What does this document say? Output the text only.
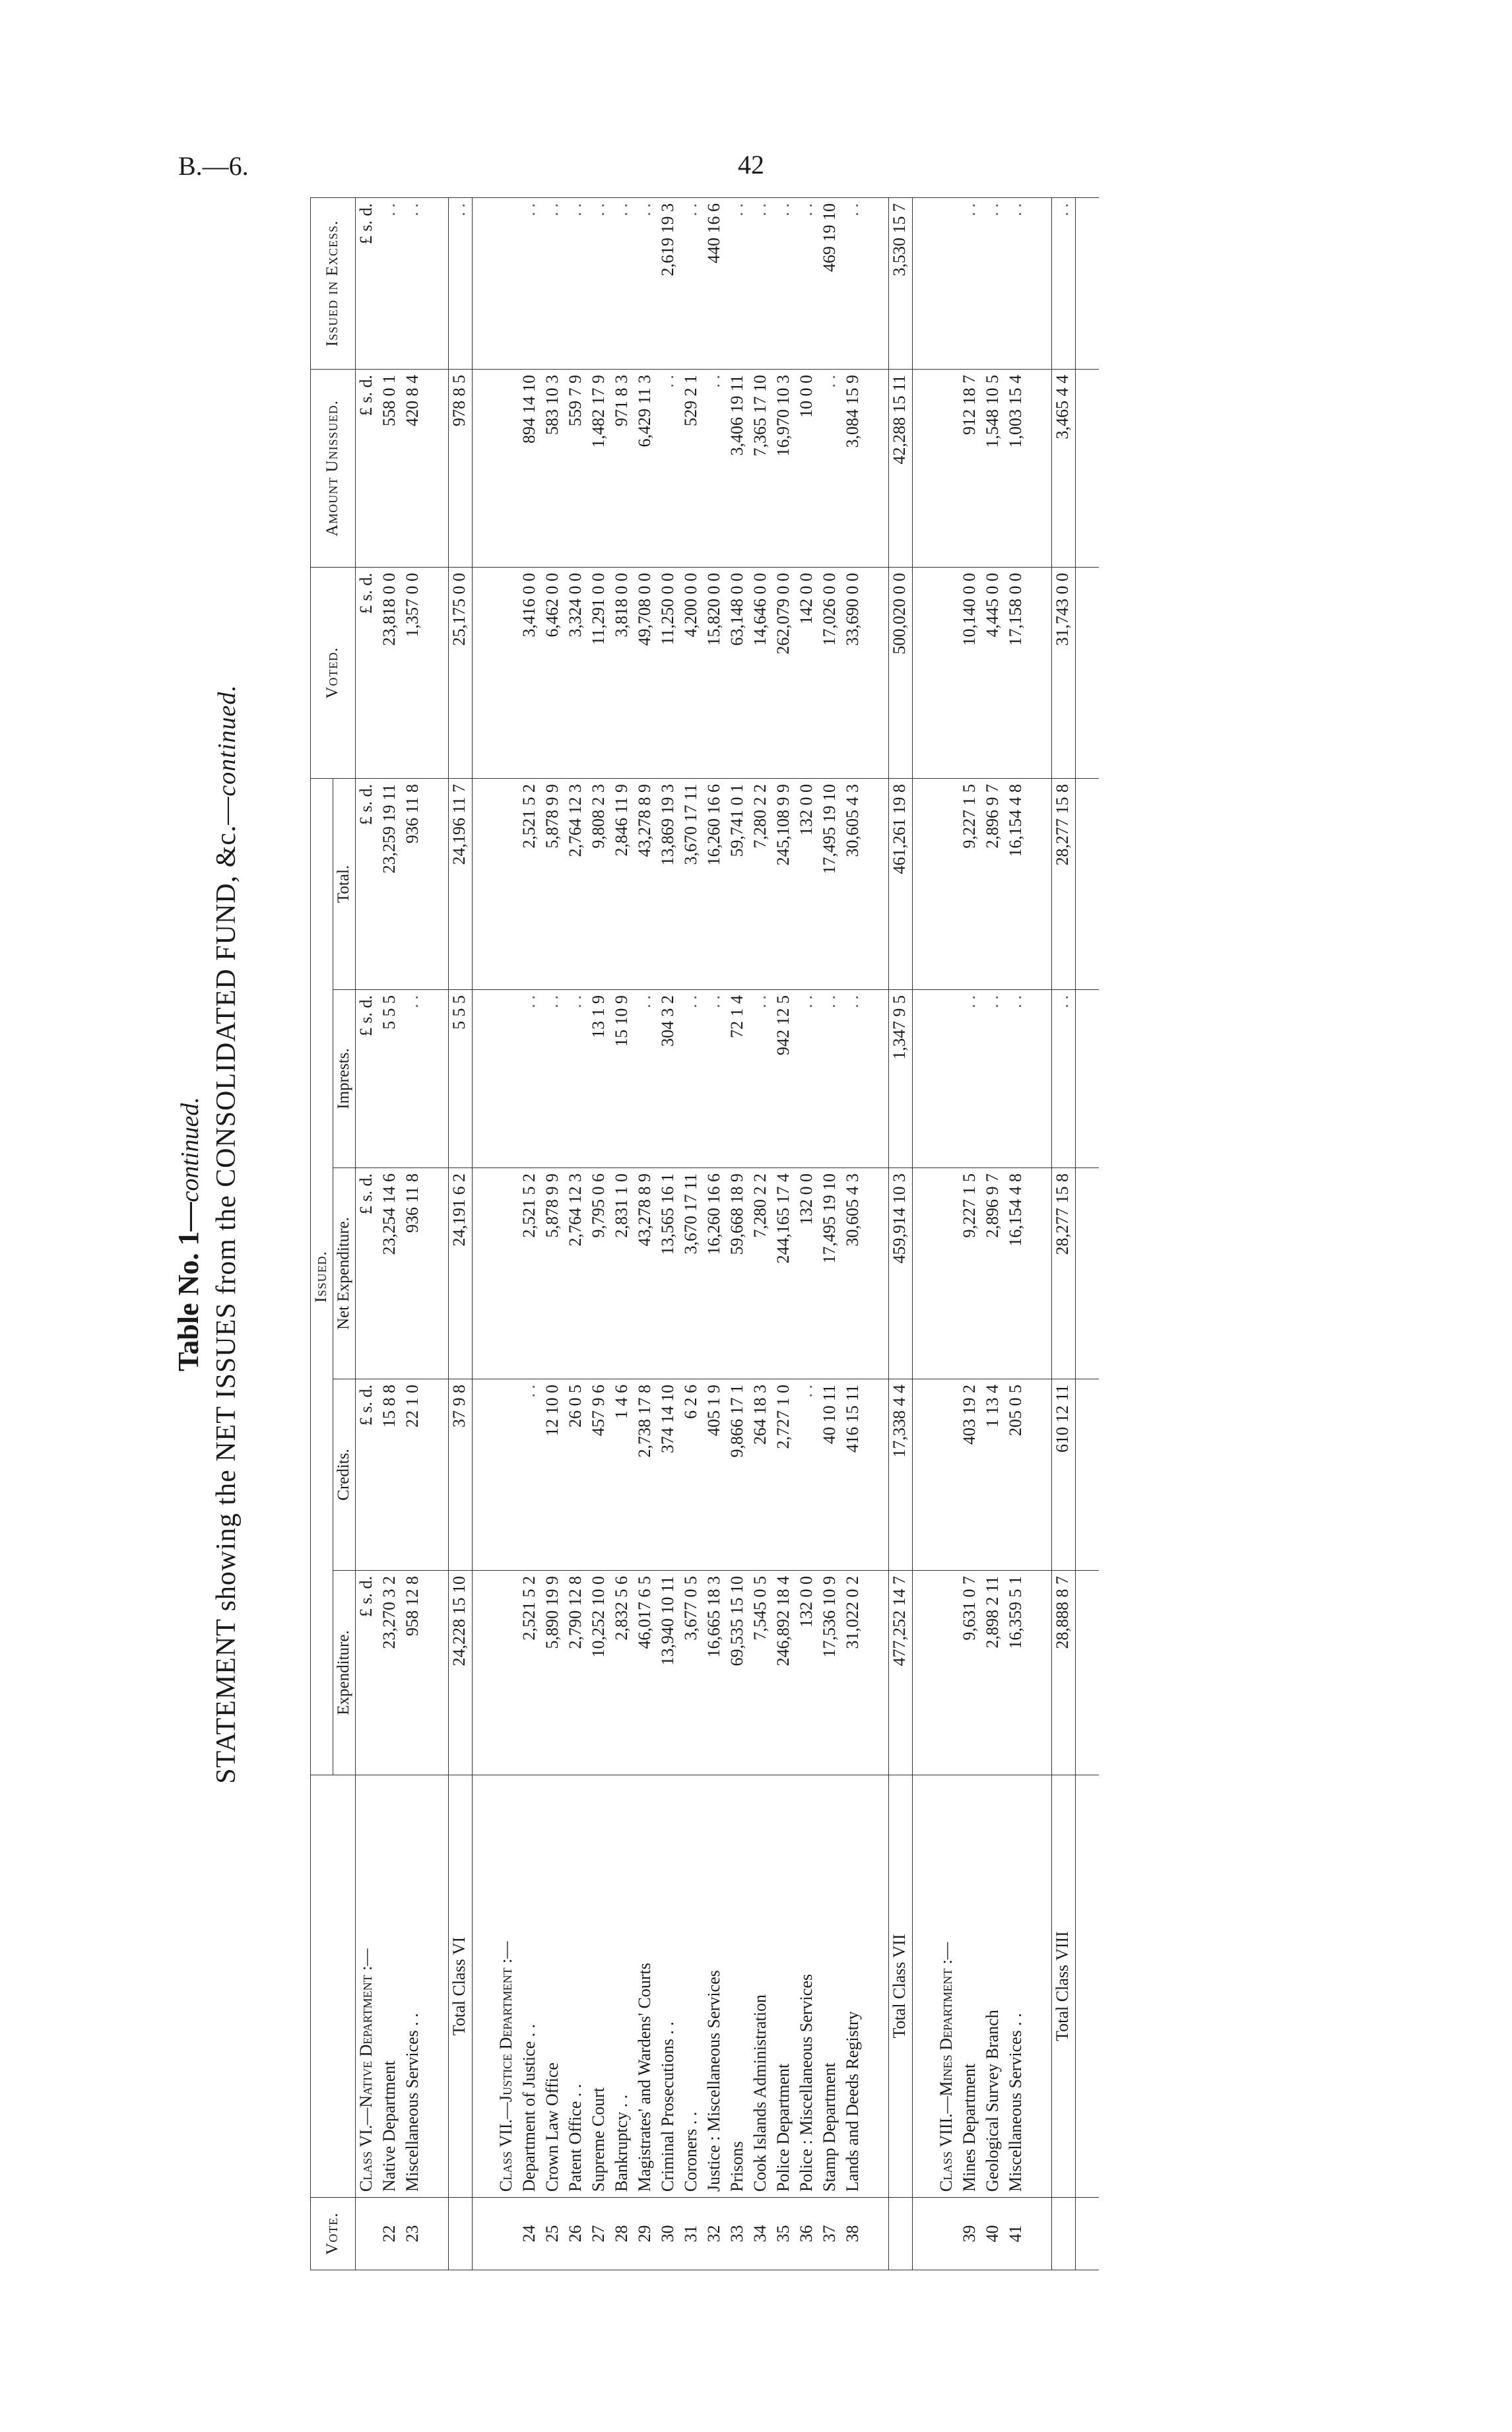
B.—6.	42
Table No. 1—continued. STATEMENT showing the NET ISSUES from the CONSOLIDATED FUND, &c.—continued.
Vote.		Issued.					Voted.	Amount Unissued.	Issued in Excess.
		Expenditure.	Credits.	Net Expenditure.	Imprests.	Total.			
	Class VI.—Native Department :—	£ s. d.	£ s. d.	£ s. d.	£ s. d.	£ s. d.	£ s. d.	£ s. d.	£ s. d.
22	Native Department	23,270 3 2	15 8 8	23,254 14 6	5 5 5	23,259 19 11	23,818 0 0	558 0 1	. .
23	Miscellaneous Services . .	958 12 8	22 1 0	936 11 8	. .	936 11 8	1,357 0 0	420 8 4	. .

	Total Class VI	24,228 15 10	37 9 8	24,191 6 2	5 5 5	24,196 11 7	25,175 0 0	978 8 5	. .

	Class VII.—Justice Department :—								
24	Department of Justice . .	2,521 5 2	. .	2,521 5 2	. .	2,521 5 2	3,416 0 0	894 14 10	. .
25	Crown Law Office	5,890 19 9	12 10 0	5,878 9 9	. .	5,878 9 9	6,462 0 0	583 10 3	. .
26	Patent Office . .	2,790 12 8	26 0 5	2,764 12 3	. .	2,764 12 3	3,324 0 0	559 7 9	. .
27	Supreme Court	10,252 10 0	457 9 6	9,795 0 6	13 1 9	9,808 2 3	11,291 0 0	1,482 17 9	. .
28	Bankruptcy . .	2,832 5 6	1 4 6	2,831 1 0	15 10 9	2,846 11 9	3,818 0 0	971 8 3	. .
29	Magistrates' and Wardens' Courts	46,017 6 5	2,738 17 8	43,278 8 9	. .	43,278 8 9	49,708 0 0	6,429 11 3	. .
30	Criminal Prosecutions . .	13,940 10 11	374 14 10	13,565 16 1	304 3 2	13,869 19 3	11,250 0 0	. .	2,619 19 3
31	Coroners . .	3,677 0 5	6 2 6	3,670 17 11	. .	3,670 17 11	4,200 0 0	529 2 1	. .
32	Justice : Miscellaneous Services	16,665 18 3	405 1 9	16,260 16 6	. .	16,260 16 6	15,820 0 0	. .	440 16 6
33	Prisons	69,535 15 10	9,866 17 1	59,668 18 9	72 1 4	59,741 0 1	63,148 0 0	3,406 19 11	. .
34	Cook Islands Administration	7,545 0 5	264 18 3	7,280 2 2	. .	7,280 2 2	14,646 0 0	7,365 17 10	. .
35	Police Department	246,892 18 4	2,727 1 0	244,165 17 4	942 12 5	245,108 9 9	262,079 0 0	16,970 10 3	. .
36	Police : Miscellaneous Services	132 0 0	. .	132 0 0	. .	132 0 0	142 0 0	10 0 0	. .
37	Stamp Department	17,536 10 9	40 10 11	17,495 19 10	. .	17,495 19 10	17,026 0 0	. .	469 19 10
38	Lands and Deeds Registry	31,022 0 2	416 15 11	30,605 4 3	. .	30,605 4 3	33,690 0 0	3,084 15 9	. .

	Total Class VII	477,252 14 7	17,338 4 4	459,914 10 3	1,347 9 5	461,261 19 8	500,020 0 0	42,288 15 11	3,530 15 7

	Class VIII.—Mines Department :—								
39	Mines Department	9,631 0 7	403 19 2	9,227 1 5	. .	9,227 1 5	10,140 0 0	912 18 7	. .
40	Geological Survey Branch	2,898 2 11	1 13 4	2,896 9 7	. .	2,896 9 7	4,445 0 0	1,548 10 5	. .
41	Miscellaneous Services . .	16,359 5 1	205 0 5	16,154 4 8	. .	16,154 4 8	17,158 0 0	1,003 15 4	. .

	Total Class VIII	28,888 8 7	610 12 11	28,277 15 8	. .	28,277 15 8	31,743 0 0	3,465 4 4	. .
